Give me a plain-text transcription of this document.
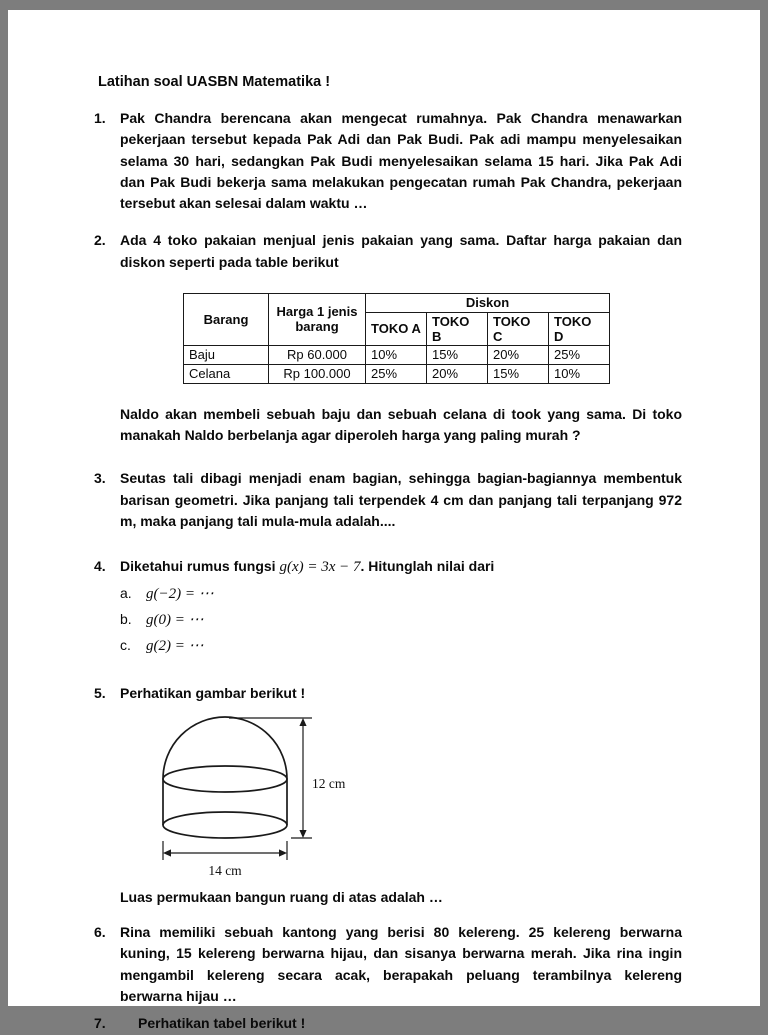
Latihan soal UASBN Matematika !

1.	Pak Chandra berencana akan mengecat rumahnya. Pak Chandra menawarkan pekerjaan tersebut kepada Pak Adi dan Pak Budi. Pak adi mampu menyelesaikan selama 30 hari, sedangkan Pak Budi menyelesaikan selama 15 hari. Jika Pak Adi dan Pak Budi bekerja sama melakukan pengecatan rumah Pak Chandra, pekerjaan tersebut akan selesai dalam waktu …
2.	Ada 4 toko pakaian menjual jenis pakaian yang sama. Daftar harga pakaian dan diskon seperti pada table berikut
Barang	Harga 1 jenis barang	Diskon			
		TOKO A	TOKO B	TOKO C	TOKO D
Baju	Rp 60.000	10%	15%	20%	25%
Celana	Rp 100.000	25%	20%	15%	10%
Naldo akan membeli sebuah baju dan sebuah celana di took yang sama. Di toko manakah Naldo berbelanja agar diperoleh harga yang paling murah ?
3.	Seutas tali dibagi menjadi enam bagian, sehingga bagian-bagiannya membentuk barisan geometri. Jika panjang tali terpendek 4 cm dan panjang tali terpanjang 972 m, maka panjang tali mula-mula adalah....
4.	Diketahui rumus fungsi g(x) = 3x − 7. Hitunglah nilai dari
a. g(−2) = ⋯
b. g(0) = ⋯
c.	g(2) = ⋯
5.	Perhatikan gambar berikut !
12 cm
14 cm
Luas permukaan bangun ruang di atas adalah …
6.	Rina memiliki sebuah kantong yang berisi 80 kelereng. 25 kelereng berwarna kuning, 15 kelereng berwarna hijau, dan sisanya berwarna merah. Jika rina ingin mengambil kelereng secara acak, berapakah peluang terambilnya kelereng berwarna hijau …
7.	Perhatikan tabel berikut !
